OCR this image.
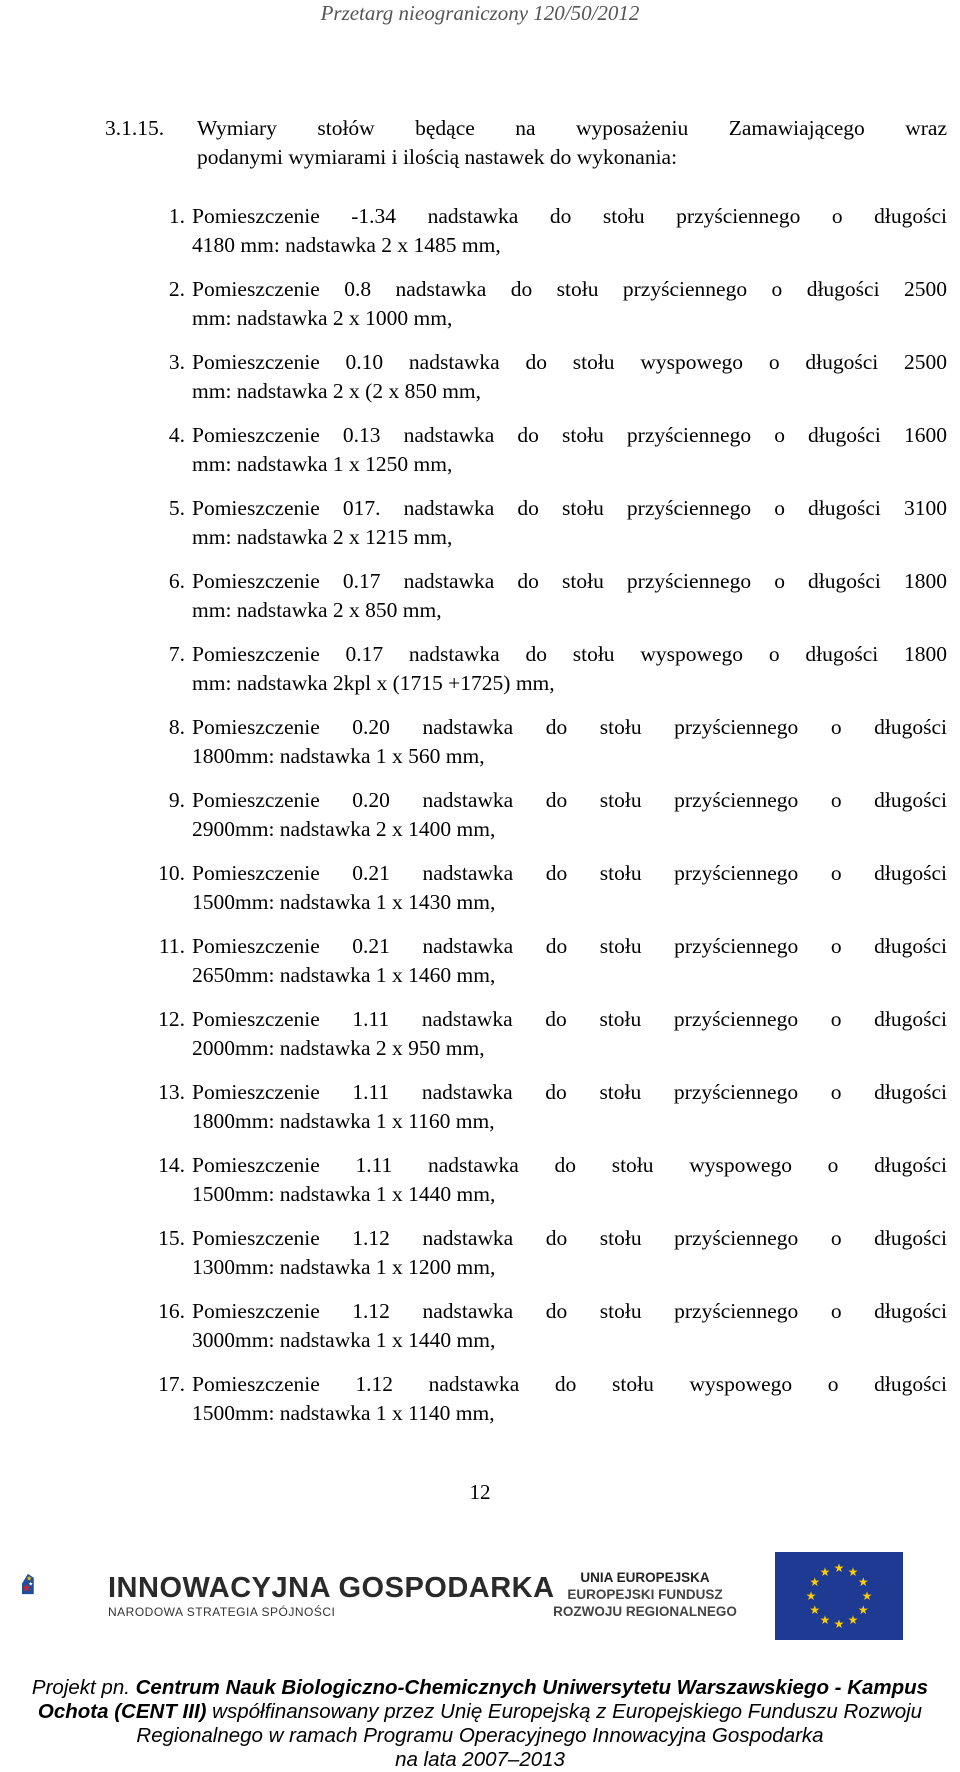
Przetarg nieograniczony 120/50/2012
3.1.15. Wymiary stołów będące na wyposażeniu Zamawiającego wraz
podanymi wymiarami i ilością nastawek do wykonania:
1. Pomieszczenie -1.34 nadstawka do stołu przyściennego o długości
4180 mm: nadstawka 2 x 1485 mm,
2. Pomieszczenie 0.8 nadstawka do stołu przyściennego o długości 2500
mm: nadstawka 2 x 1000 mm,
3. Pomieszczenie 0.10 nadstawka do stołu wyspowego o długości 2500
mm: nadstawka 2 x (2 x 850 mm,
4. Pomieszczenie 0.13 nadstawka do stołu przyściennego o długości 1600
mm: nadstawka 1 x 1250 mm,
5. Pomieszczenie 017. nadstawka do stołu przyściennego o długości 3100
mm: nadstawka 2 x 1215 mm,
6. Pomieszczenie 0.17 nadstawka do stołu przyściennego o długości 1800
mm: nadstawka 2 x 850 mm,
7. Pomieszczenie 0.17 nadstawka do stołu wyspowego o długości 1800
mm: nadstawka 2kpl x (1715 +1725) mm,
8. Pomieszczenie 0.20 nadstawka do stołu przyściennego o długości
1800mm: nadstawka 1 x 560 mm,
9. Pomieszczenie 0.20 nadstawka do stołu przyściennego o długości
2900mm: nadstawka 2 x 1400 mm,
10. Pomieszczenie 0.21 nadstawka do stołu przyściennego o długości
1500mm: nadstawka 1 x 1430 mm,
11. Pomieszczenie 0.21 nadstawka do stołu przyściennego o długości
2650mm: nadstawka 1 x 1460 mm,
12. Pomieszczenie 1.11 nadstawka do stołu przyściennego o długości
2000mm: nadstawka 2 x 950 mm,
13. Pomieszczenie 1.11 nadstawka do stołu przyściennego o długości
1800mm: nadstawka 1 x 1160 mm,
14. Pomieszczenie 1.11 nadstawka do stołu wyspowego o długości
1500mm: nadstawka 1 x 1440 mm,
15. Pomieszczenie 1.12 nadstawka do stołu przyściennego o długości
1300mm: nadstawka 1 x 1200 mm,
16. Pomieszczenie 1.12 nadstawka do stołu przyściennego o długości
3000mm: nadstawka 1 x 1440 mm,
17. Pomieszczenie 1.12 nadstawka do stołu wyspowego o długości
1500mm: nadstawka 1 x 1140 mm,
12
INNOWACYJNA GOSPODARKA
NARODOWA STRATEGIA SPÓJNOŚCI
UNIA EUROPEJSKA
EUROPEJSKI FUNDUSZ
ROZWOJU REGIONALNEGO
★ ★
★
★
★
★
★
★
★
★
★
★
Projekt pn. Centrum Nauk Biologiczno-Chemicznych Uniwersytetu Warszawskiego - Kampus Ochota (CENT III) współfinansowany przez Unię Europejską z Europejskiego Funduszu Rozwoju Regionalnego w ramach Programu Operacyjnego Innowacyjna Gospodarka
na lata 2007–2013
